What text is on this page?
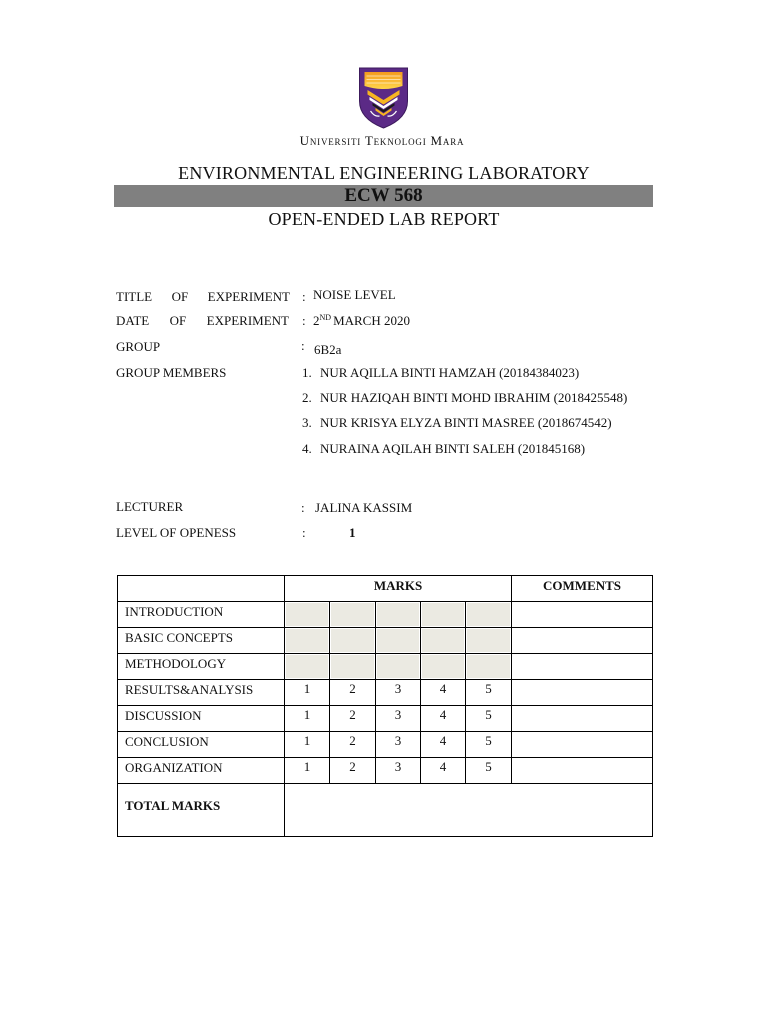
Universiti Teknologi Mara
ENVIRONMENTAL ENGINEERING LABORATORY
ECW 568
OPEN-ENDED LAB REPORT
TITLE OF EXPERIMENT : NOISE LEVEL
DATE OF EXPERIMENT : 2ND MARCH 2020
GROUP	: 6B2a
GROUP MEMBERS	1. NUR AQILLA BINTI HAMZAH (20184384023)
2. NUR HAZIQAH BINTI MOHD IBRAHIM (2018425548)
3. NUR KRISYA ELYZA BINTI MASREE (2018674542)
4. NURAINA AQILAH BINTI SALEH (201845168)
LECTURER	: JALINA KASSIM
LEVEL OF OPENESS	:	1
	MARKS					COMMENTS
INTRODUCTION						
BASIC CONCEPTS						
METHODOLOGY						
RESULTS&ANALYSIS	1	2	3	4	5	
DISCUSSION	1	2	3	4	5	
CONCLUSION	1	2	3	4	5	
ORGANIZATION	1	2	3	4	5	
TOTAL MARKS						
